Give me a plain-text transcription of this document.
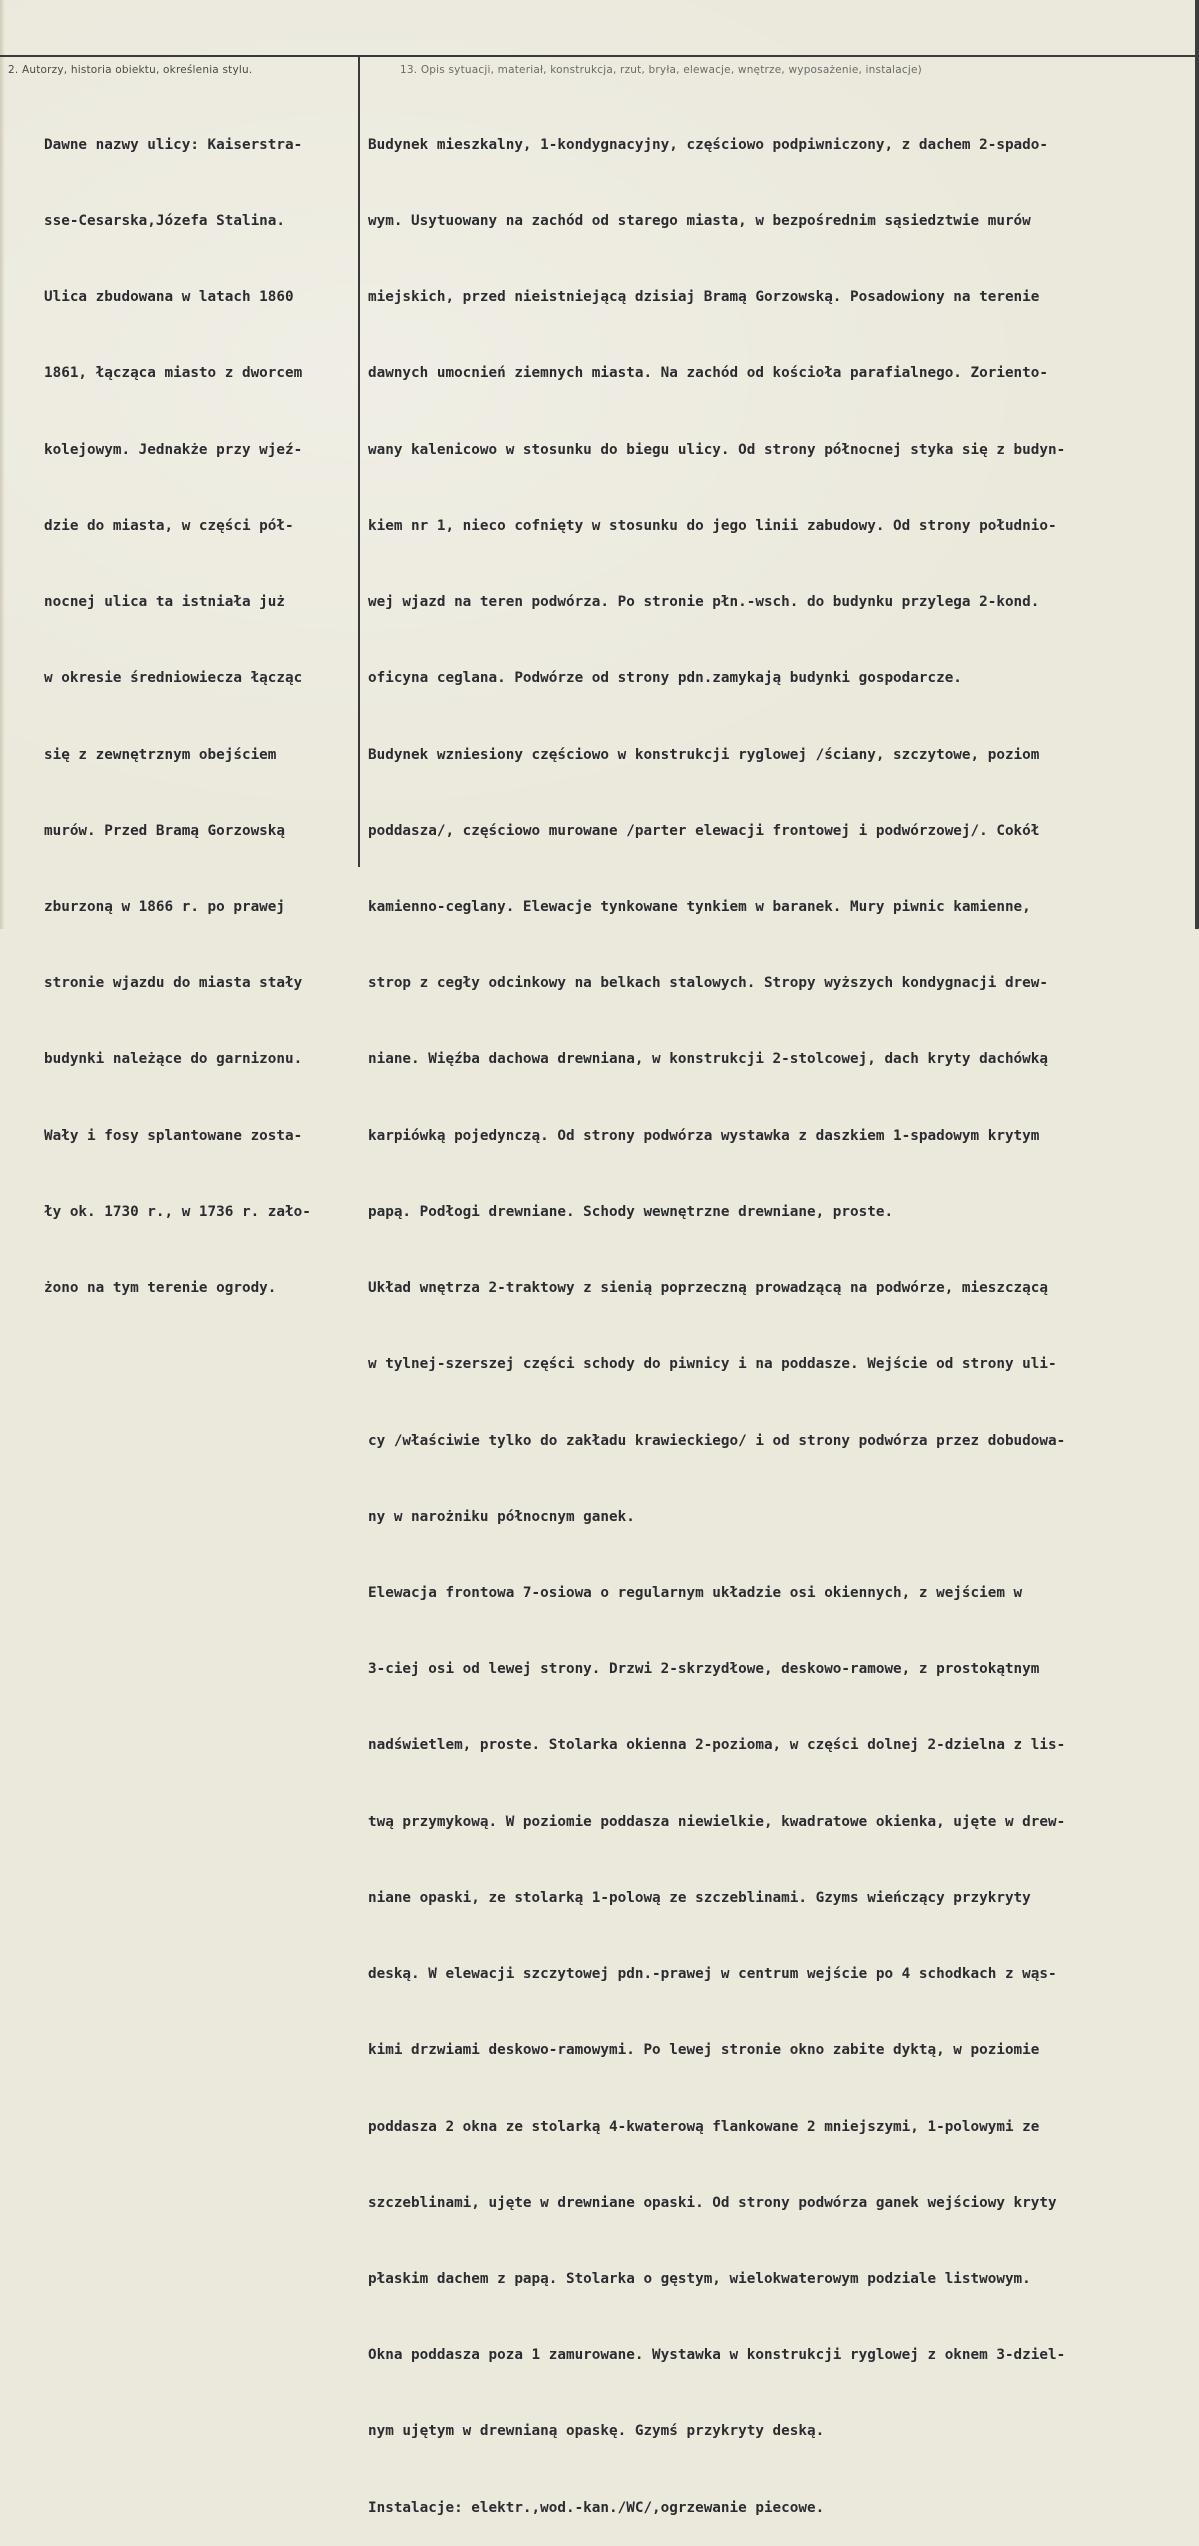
2. Autorzy, historia obiektu, określenia stylu.	13. Opis sytuacji, materiał, konstrukcja, rzut, bryła, elewacje, wnętrze, wyposażenie, instalacje)

Dawne nazwy ulicy: Kaiserstra-

sse-Cesarska,Józefa Stalina.

Ulica zbudowana w latach 1860

1861, łącząca miasto z dworcem

kolejowym. Jednakże przy wjeź-

dzie do miasta, w części pół-

nocnej ulica ta istniała już

w okresie średniowiecza łącząc

się z zewnętrznym obejściem

murów. Przed Bramą Gorzowską

zburzoną w 1866 r. po prawej

stronie wjazdu do miasta stały

budynki należące do garnizonu.

Wały i fosy splantowane zosta-

ły ok. 1730 r., w 1736 r. zało-

żono na tym terenie ogrody.

Budynek mieszkalny, 1-kondygnacyjny, częściowo podpiwniczony, z dachem 2-spado-

wym. Usytuowany na zachód od starego miasta, w bezpośrednim sąsiedztwie murów

miejskich, przed nieistniejącą dzisiaj Bramą Gorzowską. Posadowiony na terenie

dawnych umocnień ziemnych miasta. Na zachód od kościoła parafialnego. Zoriento-

wany kalenicowo w stosunku do biegu ulicy. Od strony północnej styka się z budyn-

kiem nr 1, nieco cofnięty w stosunku do jego linii zabudowy. Od strony południo-

wej wjazd na teren podwórza. Po stronie płn.-wsch. do budynku przylega 2-kond.

oficyna ceglana. Podwórze od strony pdn.zamykają budynki gospodarcze.

Budynek wzniesiony częściowo w konstrukcji ryglowej /ściany, szczytowe, poziom

poddasza/, częściowo murowane /parter elewacji frontowej i podwórzowej/. Cokół

kamienno-ceglany. Elewacje tynkowane tynkiem w baranek. Mury piwnic kamienne,

strop z cegły odcinkowy na belkach stalowych. Stropy wyższych kondygnacji drew-

niane. Więźba dachowa drewniana, w konstrukcji 2-stolcowej, dach kryty dachówką

karpiówką pojedynczą. Od strony podwórza wystawka z daszkiem 1-spadowym krytym

papą. Podłogi drewniane. Schody wewnętrzne drewniane, proste.

Układ wnętrza 2-traktowy z sienią poprzeczną prowadzącą na podwórze, mieszczącą

w tylnej-szerszej części schody do piwnicy i na poddasze. Wejście od strony uli-

cy /właściwie tylko do zakładu krawieckiego/ i od strony podwórza przez dobudowa-

ny w narożniku północnym ganek.

Elewacja frontowa 7-osiowa o regularnym układzie osi okiennych, z wejściem w

3-ciej osi od lewej strony. Drzwi 2-skrzydłowe, deskowo-ramowe, z prostokątnym

nadświetlem, proste. Stolarka okienna 2-poziomа, w części dolnej 2-dzielna z lis-

twą przymykową. W poziomie poddasza niewielkie, kwadratowe okienka, ujęte w drew-

niane opaski, ze stolarką 1-polową ze szczeblinami. Gzyms wieńczący przykryty

deską. W elewacji szczytowej pdn.-prawej w centrum wejście po 4 schodkach z wąs-

kimi drzwiami deskowo-ramowymi. Po lewej stronie okno zabite dyktą, w poziomie

poddasza 2 okna ze stolarką 4-kwaterową flankowane 2 mniejszymi, 1-polowymi ze

szczeblinami, ujęte w drewniane opaski. Od strony podwórza ganek wejściowy kryty

płaskim dachem z papą. Stolarka o gęstym, wielokwaterowym podziale listwowym.

Okna poddasza poza 1 zamurowane. Wystawka w konstrukcji ryglowej z oknem 3-dziel-

nym ujętym w drewnianą opaskę. Gzymś przykryty deską.

Instalacje: elektr.,wod.-kan./WC/,ogrzewanie piecowe.
